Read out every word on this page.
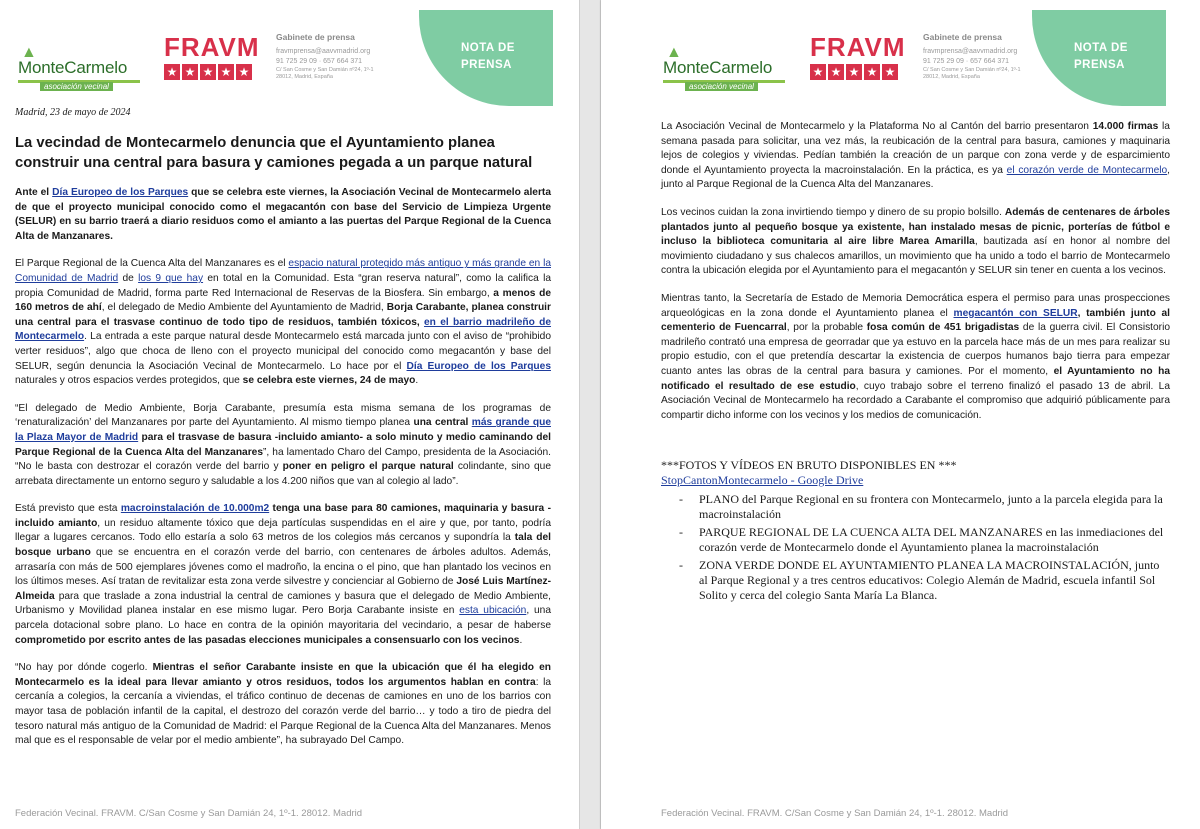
▲
MonteCarmelo
asociación vecinal
FRAVM
★ ★ ★ ★ ★
Gabinete de prensa
fravmprensa@aavvmadrid.org
91 725 29 09 · 657 664 371
C/ San Cosme y San Damián nº24, 1º-1
28012, Madrid, España
NOTA DE
PRENSA
Madrid, 23 de mayo de 2024
La vecindad de Montecarmelo denuncia que el Ayuntamiento planea construir una central para basura y camiones pegada a un parque natural

Ante el Día Europeo de los Parques que se celebra este viernes, la Asociación Vecinal de Montecarmelo alerta de que el proyecto municipal conocido como el megacantón con base del Servicio de Limpieza Urgente (SELUR) en su barrio traerá a diario residuos como el amianto a las puertas del Parque Regional de la Cuenca Alta de Manzanares.

El Parque Regional de la Cuenca Alta del Manzanares es el espacio natural protegido más antiguo y más grande en la Comunidad de Madrid de los 9 que hay en total en la Comunidad. Esta “gran reserva natural”, como la califica la propia Comunidad de Madrid, forma parte Red Internacional de Reservas de la Biosfera. Sin embargo, a menos de 160 metros de ahí, el delegado de Medio Ambiente del Ayuntamiento de Madrid, Borja Carabante, planea construir una central para el trasvase continuo de todo tipo de residuos, también tóxicos, en el barrio madrileño de Montecarmelo. La entrada a este parque natural desde Montecarmelo está marcada junto con el aviso de “prohibido verter residuos”, algo que choca de lleno con el proyecto municipal del conocido como megacantón y base del SELUR, según denuncia la Asociación Vecinal de Montecarmelo. Lo hace por el Día Europeo de los Parques naturales y otros espacios verdes protegidos, que se celebra este viernes, 24 de mayo.

“El delegado de Medio Ambiente, Borja Carabante, presumía esta misma semana de los programas de ‘renaturalización’ del Manzanares por parte del Ayuntamiento. Al mismo tiempo planea una central más grande que la Plaza Mayor de Madrid para el trasvase de basura -incluido amianto- a solo minuto y medio caminando del Parque Regional de la Cuenca Alta del Manzanares”, ha lamentado Charo del Campo, presidenta de la Asociación. “No le basta con destrozar el corazón verde del barrio y poner en peligro el parque natural colindante, sino que arrebata directamente un entorno seguro y saludable a los 4.200 niños que van al colegio al lado”.

Está previsto que esta macroinstalación de 10.000m2 tenga una base para 80 camiones, maquinaria y basura - incluido amianto, un residuo altamente tóxico que deja partículas suspendidas en el aire y que, por tanto, podría llegar a lugares cercanos. Todo ello estaría a solo 63 metros de los colegios más cercanos y supondría la tala del bosque urbano que se encuentra en el corazón verde del barrio, con centenares de árboles adultos. Además, arrasaría con más de 500 ejemplares jóvenes como el madroño, la encina o el pino, que han plantado los vecinos en los últimos meses. Así tratan de revitalizar esta zona verde silvestre y concienciar al Gobierno de José Luis Martínez- Almeida para que traslade a zona industrial la central de camiones y basura que el delegado de Medio Ambiente, Urbanismo y Movilidad planea instalar en ese mismo lugar. Pero Borja Carabante insiste en esta ubicación, una parcela dotacional sobre plano. Lo hace en contra de la opinión mayoritaria del vecindario, a pesar de haberse comprometido por escrito antes de las pasadas elecciones municipales a consensuarlo con los vecinos.

“No hay por dónde cogerlo. Mientras el señor Carabante insiste en que la ubicación que él ha elegido en Montecarmelo es la ideal para llevar amianto y otros residuos, todos los argumentos hablan en contra: la cercanía a colegios, la cercanía a viviendas, el tráfico continuo de decenas de camiones en uno de los barrios con mayor tasa de población infantil de la capital, el destrozo del corazón verde del barrio… y todo a tiro de piedra del tesoro natural más antiguo de la Comunidad de Madrid: el Parque Regional de la Cuenca Alta del Manzanares. Menos mal que es el responsable de velar por el medio ambiente”, ha subrayado Del Campo.

Federación Vecinal. FRAVM. C/San Cosme y San Damián 24, 1º-1. 28012. Madrid
▲
MonteCarmelo
asociación vecinal
FRAVM
★ ★ ★ ★ ★
Gabinete de prensa
fravmprensa@aavvmadrid.org
91 725 29 09 · 657 664 371
C/ San Cosme y San Damián nº24, 1º-1
28012, Madrid, España
NOTA DE
PRENSA

La Asociación Vecinal de Montecarmelo y la Plataforma No al Cantón del barrio presentaron 14.000 firmas la semana pasada para solicitar, una vez más, la reubicación de la central para basura, camiones y maquinaria lejos de colegios y viviendas. Pedían también la creación de un parque con zona verde y de esparcimiento donde el Ayuntamiento proyecta la macroinstalación. En la práctica, es ya el corazón verde de Montecarmelo, junto al Parque Regional de la Cuenca Alta del Manzanares.

Los vecinos cuidan la zona invirtiendo tiempo y dinero de su propio bolsillo. Además de centenares de árboles plantados junto al pequeño bosque ya existente, han instalado mesas de picnic, porterías de fútbol e incluso la biblioteca comunitaria al aire libre Marea Amarilla, bautizada así en honor al nombre del movimiento ciudadano y sus chalecos amarillos, un movimiento que ha unido a todo el barrio de Montecarmelo contra la ubicación elegida por el Ayuntamiento para el megacantón y SELUR sin tener en cuenta a los vecinos.

Mientras tanto, la Secretaría de Estado de Memoria Democrática espera el permiso para unas prospecciones arqueológicas en la zona donde el Ayuntamiento planea el megacantón con SELUR, también junto al cementerio de Fuencarral, por la probable fosa común de 451 brigadistas de la guerra civil. El Consistorio madrileño contrató una empresa de georradar que ya estuvo en la parcela hace más de un mes para realizar su propio estudio, con el que pretendía descartar la existencia de cuerpos humanos bajo tierra para empezar cuanto antes las obras de la central para basura y camiones. Por el momento, el Ayuntamiento no ha notificado el resultado de ese estudio, cuyo trabajo sobre el terreno finalizó el pasado 13 de abril. La Asociación Vecinal de Montecarmelo ha recordado a Carabante el compromiso que adquirió públicamente para compartir dicho informe con los vecinos y los medios de comunicación.

***FOTOS Y VÍDEOS EN BRUTO DISPONIBLES EN ***
StopCantonMontecarmelo - Google Drive
- PLANO del Parque Regional en su frontera con Montecarmelo, junto a la parcela elegida para la macroinstalación
- PARQUE REGIONAL DE LA CUENCA ALTA DEL MANZANARES en las inmediaciones del corazón verde de Montecarmelo donde el Ayuntamiento planea la macroinstalación
- ZONA VERDE DONDE EL AYUNTAMIENTO PLANEA LA MACROINSTALACIÓN, junto al Parque Regional y a tres centros educativos: Colegio Alemán de Madrid, escuela infantil Sol Solito y cerca del colegio Santa María La Blanca.
Federación Vecinal. FRAVM. C/San Cosme y San Damián 24, 1º-1. 28012. Madrid
